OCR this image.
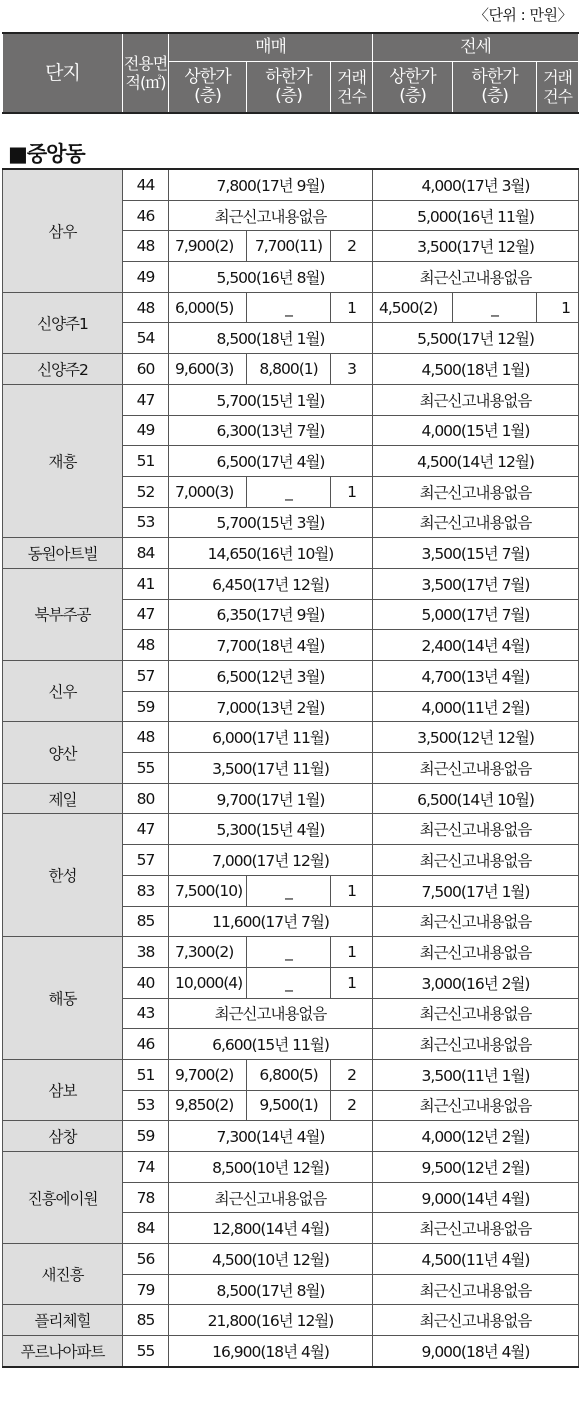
〈단위 : 만원〉
단지	전용면적(㎡)	매매			전세		
		상한가(층)	하한가(층)	거래건수	상한가(층)	하한가(층)	거래건수
■중앙동
삼우	44	7,800(17년 9월)			4,000(17년 3월)		
	46	최근신고내용없음			5,000(16년 11월)		
	48	7,900(2)	7,700(11)	2	3,500(17년 12월)		
	49	5,500(16년 8월)			최근신고내용없음		
신양주1	48	6,000(5)	_	1	4,500(2)	_	1
	54	8,500(18년 1월)			5,500(17년 12월)		
신양주2	60	9,600(3)	8,800(1)	3	4,500(18년 1월)		
재흥	47	5,700(15년 1월)			최근신고내용없음		
	49	6,300(13년 7월)			4,000(15년 1월)		
	51	6,500(17년 4월)			4,500(14년 12월)		
	52	7,000(3)	_	1	최근신고내용없음		
	53	5,700(15년 3월)			최근신고내용없음		
동원아트빌	84	14,650(16년 10월)			3,500(15년 7월)		
북부주공	41	6,450(17년 12월)			3,500(17년 7월)		
	47	6,350(17년 9월)			5,000(17년 7월)		
	48	7,700(18년 4월)			2,400(14년 4월)		
신우	57	6,500(12년 3월)			4,700(13년 4월)		
	59	7,000(13년 2월)			4,000(11년 2월)		
양산	48	6,000(17년 11월)			3,500(12년 12월)		
	55	3,500(17년 11월)			최근신고내용없음		
제일	80	9,700(17년 1월)			6,500(14년 10월)		
한성	47	5,300(15년 4월)			최근신고내용없음		
	57	7,000(17년 12월)			최근신고내용없음		
	83	7,500(10)	_	1	7,500(17년 1월)		
	85	11,600(17년 7월)			최근신고내용없음		
해동	38	7,300(2)	_	1	최근신고내용없음		
	40	10,000(4)	_	1	3,000(16년 2월)		
	43	최근신고내용없음			최근신고내용없음		
	46	6,600(15년 11월)			최근신고내용없음		
삼보	51	9,700(2)	6,800(5)	2	3,500(11년 1월)		
	53	9,850(2)	9,500(1)	2	최근신고내용없음		
삼창	59	7,300(14년 4월)			4,000(12년 2월)		
진흥에이원	74	8,500(10년 12월)			9,500(12년 2월)		
	78	최근신고내용없음			9,000(14년 4월)		
	84	12,800(14년 4월)			최근신고내용없음		
새진흥	56	4,500(10년 12월)			4,500(11년 4월)		
	79	8,500(17년 8월)			최근신고내용없음		
플리체힐	85	21,800(16년 12월)			최근신고내용없음		
푸르나아파트	55	16,900(18년 4월)			9,000(18년 4월)		
